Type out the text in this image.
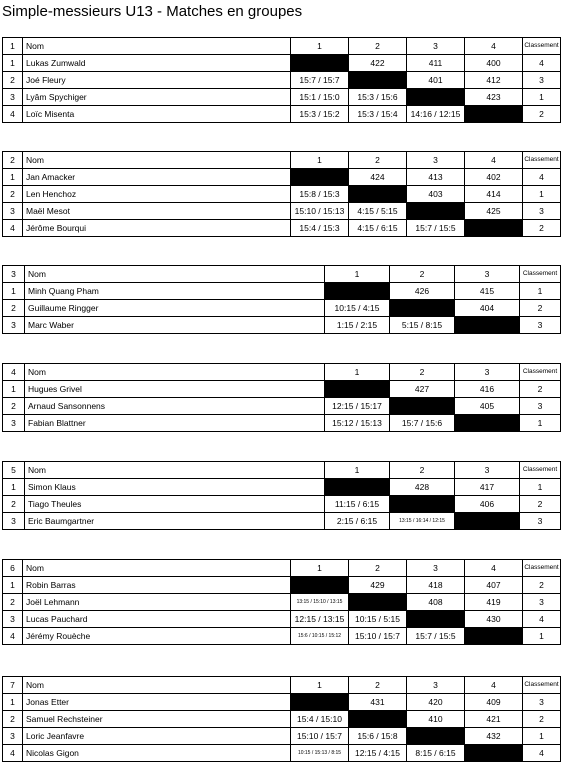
Simple-messieurs U13 - Matches en groupes
1	Nom	1	2	3	4	Classement
1	Lukas Zumwald		422	411	400	4
2	Joé Fleury	15:7 / 15:7		401	412	3
3	Lyâm Spychiger	15:1 / 15:0	15:3 / 15:6		423	1
4	Loïc Misenta	15:3 / 15:2	15:3 / 15:4	14:16 / 12:15		2
2	Nom	1	2	3	4	Classement
1	Jan Amacker		424	413	402	4
2	Len Henchoz	15:8 / 15:3		403	414	1
3	Maël Mesot	15:10 / 15:13	4:15 / 5:15		425	3
4	Jérôme Bourqui	15:4 / 15:3	4:15 / 6:15	15:7 / 15:5		2
3	Nom	1	2	3	Classement
1	Minh Quang Pham		426	415	1
2	Guillaume Ringger	10:15 / 4:15		404	2
3	Marc Waber	1:15 / 2:15	5:15 / 8:15		3
4	Nom	1	2	3	Classement
1	Hugues Grivel		427	416	2
2	Arnaud Sansonnens	12:15 / 15:17		405	3
3	Fabian Blattner	15:12 / 15:13	15:7 / 15:6		1
5	Nom	1	2	3	Classement
1	Simon Klaus		428	417	1
2	Tiago Theules	11:15 / 6:15		406	2
3	Eric Baumgartner	2:15 / 6:15	13:15 / 16:14 / 12:15		3
6	Nom	1	2	3	4	Classement
1	Robin Barras		429	418	407	2
2	Joël Lehmann	13:15 / 15:10 / 13:15		408	419	3
3	Lucas Pauchard	12:15 / 13:15	10:15 / 5:15		430	4
4	Jérémy Rouèche	15:6 / 10:15 / 15:12	15:10 / 15:7	15:7 / 15:5		1
7	Nom	1	2	3	4	Classement
1	Jonas Etter		431	420	409	3
2	Samuel Rechsteiner	15:4 / 15:10		410	421	2
3	Loric Jeanfavre	15:10 / 15:7	15:6 / 15:8		432	1
4	Nicolas Gigon	10:15 / 15:13 / 8:15	12:15 / 4:15	8:15 / 6:15		4
